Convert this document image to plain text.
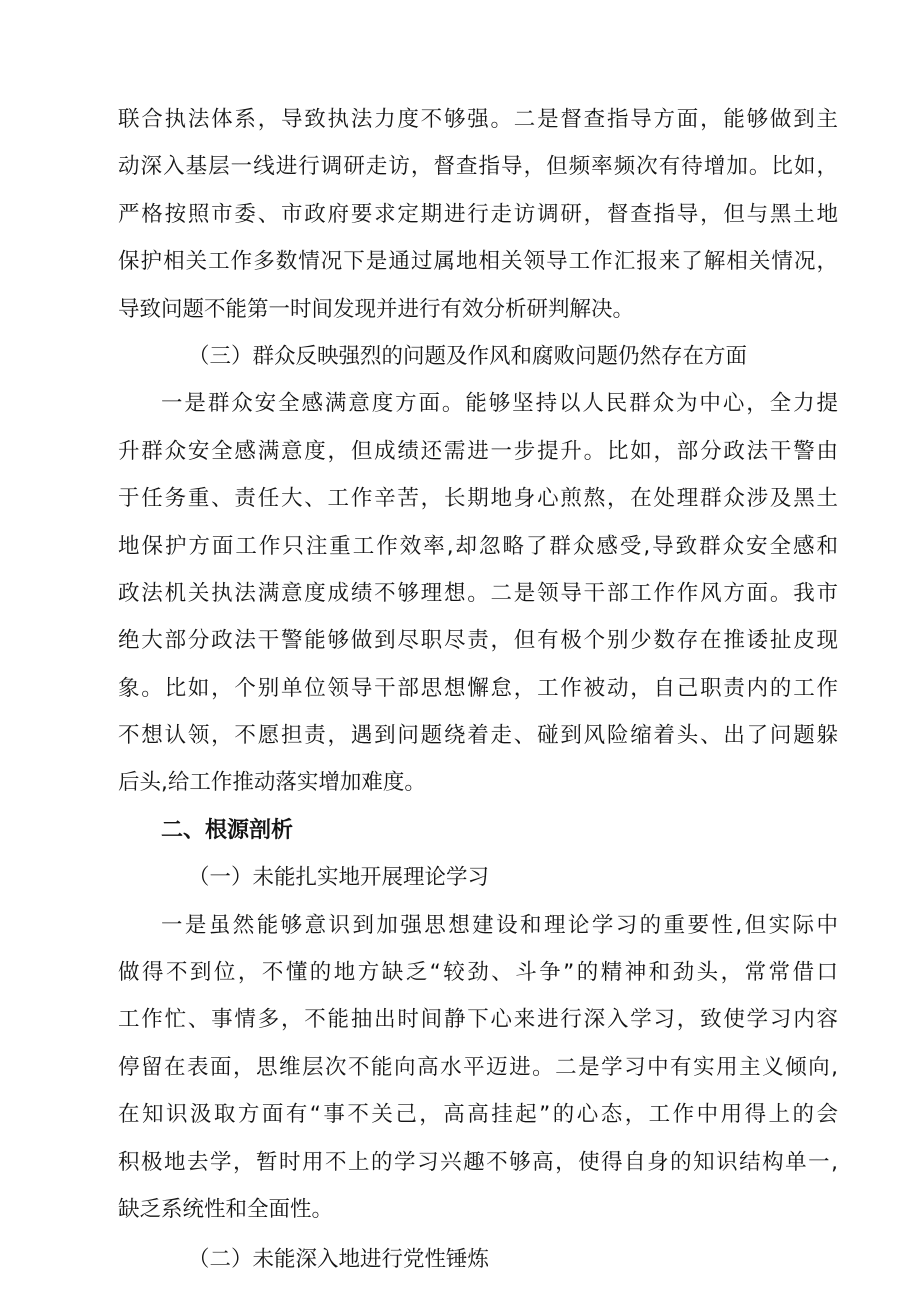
联合执法体系，导致执法力度不够强。二是督查指导方面，能够做到主
动深入基层一线进行调研走访，督查指导，但频率频次有待增加。比如，
严格按照市委、市政府要求定期进行走访调研，督查指导，但与黑土地
保护相关工作多数情况下是通过属地相关领导工作汇报来了解相关情况，
导致问题不能第一时间发现并进行有效分析研判解决。
（三）群众反映强烈的问题及作风和腐败问题仍然存在方面
一是群众安全感满意度方面。能够坚持以人民群众为中心，全力提
升群众安全感满意度，但成绩还需进一步提升。比如，部分政法干警由
于任务重、责任大、工作辛苦，长期地身心煎熬，在处理群众涉及黑土
地保护方面工作只注重工作效率,却忽略了群众感受,导致群众安全感和
政法机关执法满意度成绩不够理想。二是领导干部工作作风方面。我市
绝大部分政法干警能够做到尽职尽责，但有极个别少数存在推诿扯皮现
象。比如，个别单位领导干部思想懈怠，工作被动，自己职责内的工作
不想认领，不愿担责，遇到问题绕着走、碰到风险缩着头、出了问题躲
后头,给工作推动落实增加难度。
二、根源剖析
（一）未能扎实地开展理论学习
一是虽然能够意识到加强思想建设和理论学习的重要性,但实际中
做得不到位，不懂的地方缺乏“较劲、斗争”的精神和劲头，常常借口
工作忙、事情多，不能抽出时间静下心来进行深入学习，致使学习内容
停留在表面，思维层次不能向高水平迈进。二是学习中有实用主义倾向,
在知识汲取方面有“事不关己，高高挂起”的心态，工作中用得上的会
积极地去学，暂时用不上的学习兴趣不够高，使得自身的知识结构单一,
缺乏系统性和全面性。
（二）未能深入地进行党性锤炼
